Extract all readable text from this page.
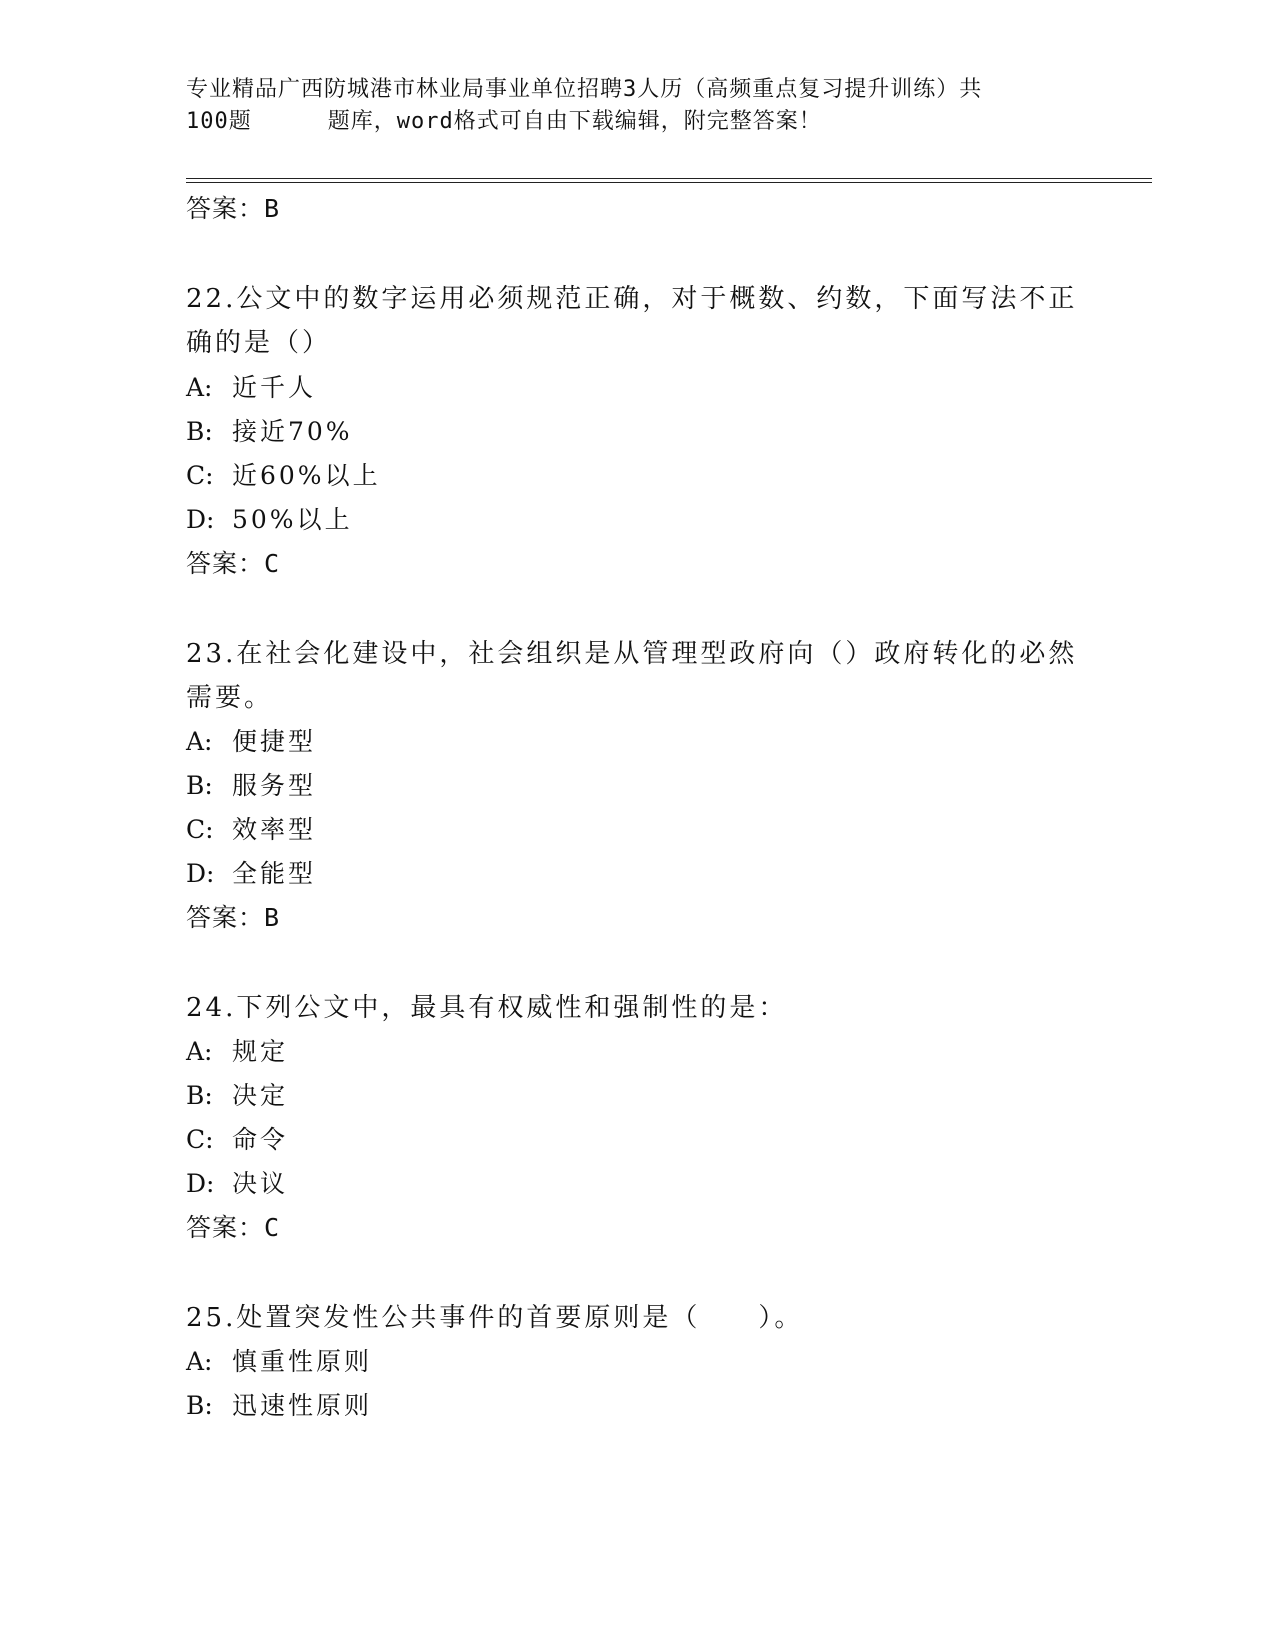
专业精品广西防城港市林业局事业单位招聘3人历（高频重点复习提升训练）共
100题	题库，word格式可自由下载编辑，附完整答案！
答案：B
22.公文中的数字运用必须规范正确，对于概数、约数，下面写法不正
确的是（）
A: 近千人
B: 接近70%
C: 近60%以上
D: 50%以上
答案：C
23.在社会化建设中，社会组织是从管理型政府向（）政府转化的必然
需要。
A: 便捷型
B: 服务型
C: 效率型
D: 全能型
答案：B
24.下列公文中，最具有权威性和强制性的是：
A: 规定
B: 决定
C: 命令
D: 决议
答案：C
25.处置突发性公共事件的首要原则是（　　）。
A: 慎重性原则
B: 迅速性原则
